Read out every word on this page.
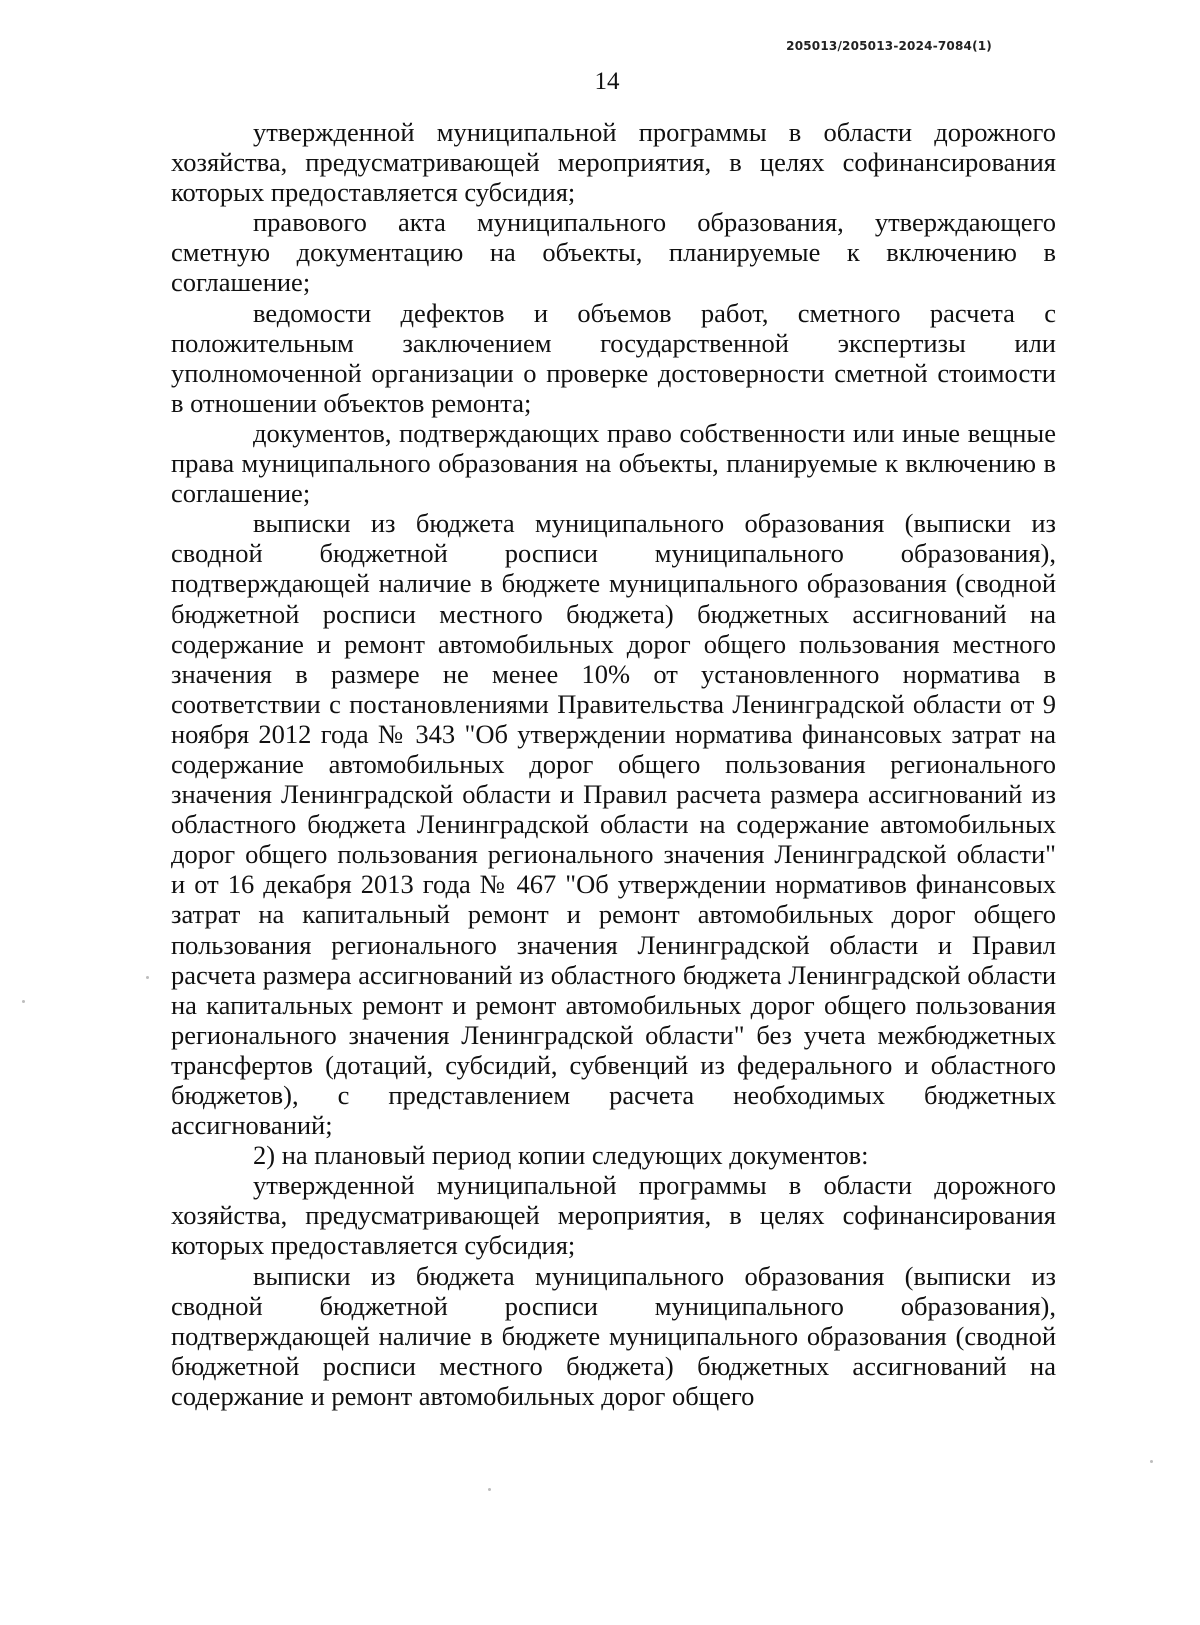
205013/205013-2024-7084(1)
14

утвержденной муниципальной программы в области дорожного хозяйства, предусматривающей мероприятия, в целях софинансирования которых предоставляется субсидия;

правового акта муниципального образования, утверждающего сметную документацию на объекты, планируемые к включению в соглашение;

ведомости дефектов и объемов работ, сметного расчета с положительным заключением государственной экспертизы или уполномоченной организации о проверке достоверности сметной стоимости в отношении объектов ремонта;

документов, подтверждающих право собственности или иные вещные права муниципального образования на объекты, планируемые к включению в соглашение;

выписки из бюджета муниципального образования (выписки из сводной бюджетной росписи муниципального образования), подтверждающей наличие в бюджете муниципального образования (сводной бюджетной росписи местного бюджета) бюджетных ассигнований на содержание и ремонт автомобильных дорог общего пользования местного значения в размере не менее 10% от установленного норматива в соответствии с постановлениями Правительства Ленинградской области от 9 ноября 2012 года № 343 "Об утверждении норматива финансовых затрат на содержание автомобильных дорог общего пользования регионального значения Ленинградской области и Правил расчета размера ассигнований из областного бюджета Ленинградской области на содержание автомобильных дорог общего пользования регионального значения Ленинградской области" и от 16 декабря 2013 года № 467 "Об утверждении нормативов финансовых затрат на капитальный ремонт и ремонт автомобильных дорог общего пользования регионального значения Ленинградской области и Правил расчета размера ассигнований из областного бюджета Ленинградской области на капитальных ремонт и ремонт автомобильных дорог общего пользования регионального значения Ленинградской области" без учета межбюджетных трансфертов (дотаций, субсидий, субвенций из федерального и областного бюджетов), с представлением расчета необходимых бюджетных ассигнований;

2) на плановый период копии следующих документов:

утвержденной муниципальной программы в области дорожного хозяйства, предусматривающей мероприятия, в целях софинансирования которых предоставляется субсидия;

выписки из бюджета муниципального образования (выписки из сводной бюджетной росписи муниципального образования), подтверждающей наличие в бюджете муниципального образования (сводной бюджетной росписи местного бюджета) бюджетных ассигнований на содержание и ремонт автомобильных дорог общего
